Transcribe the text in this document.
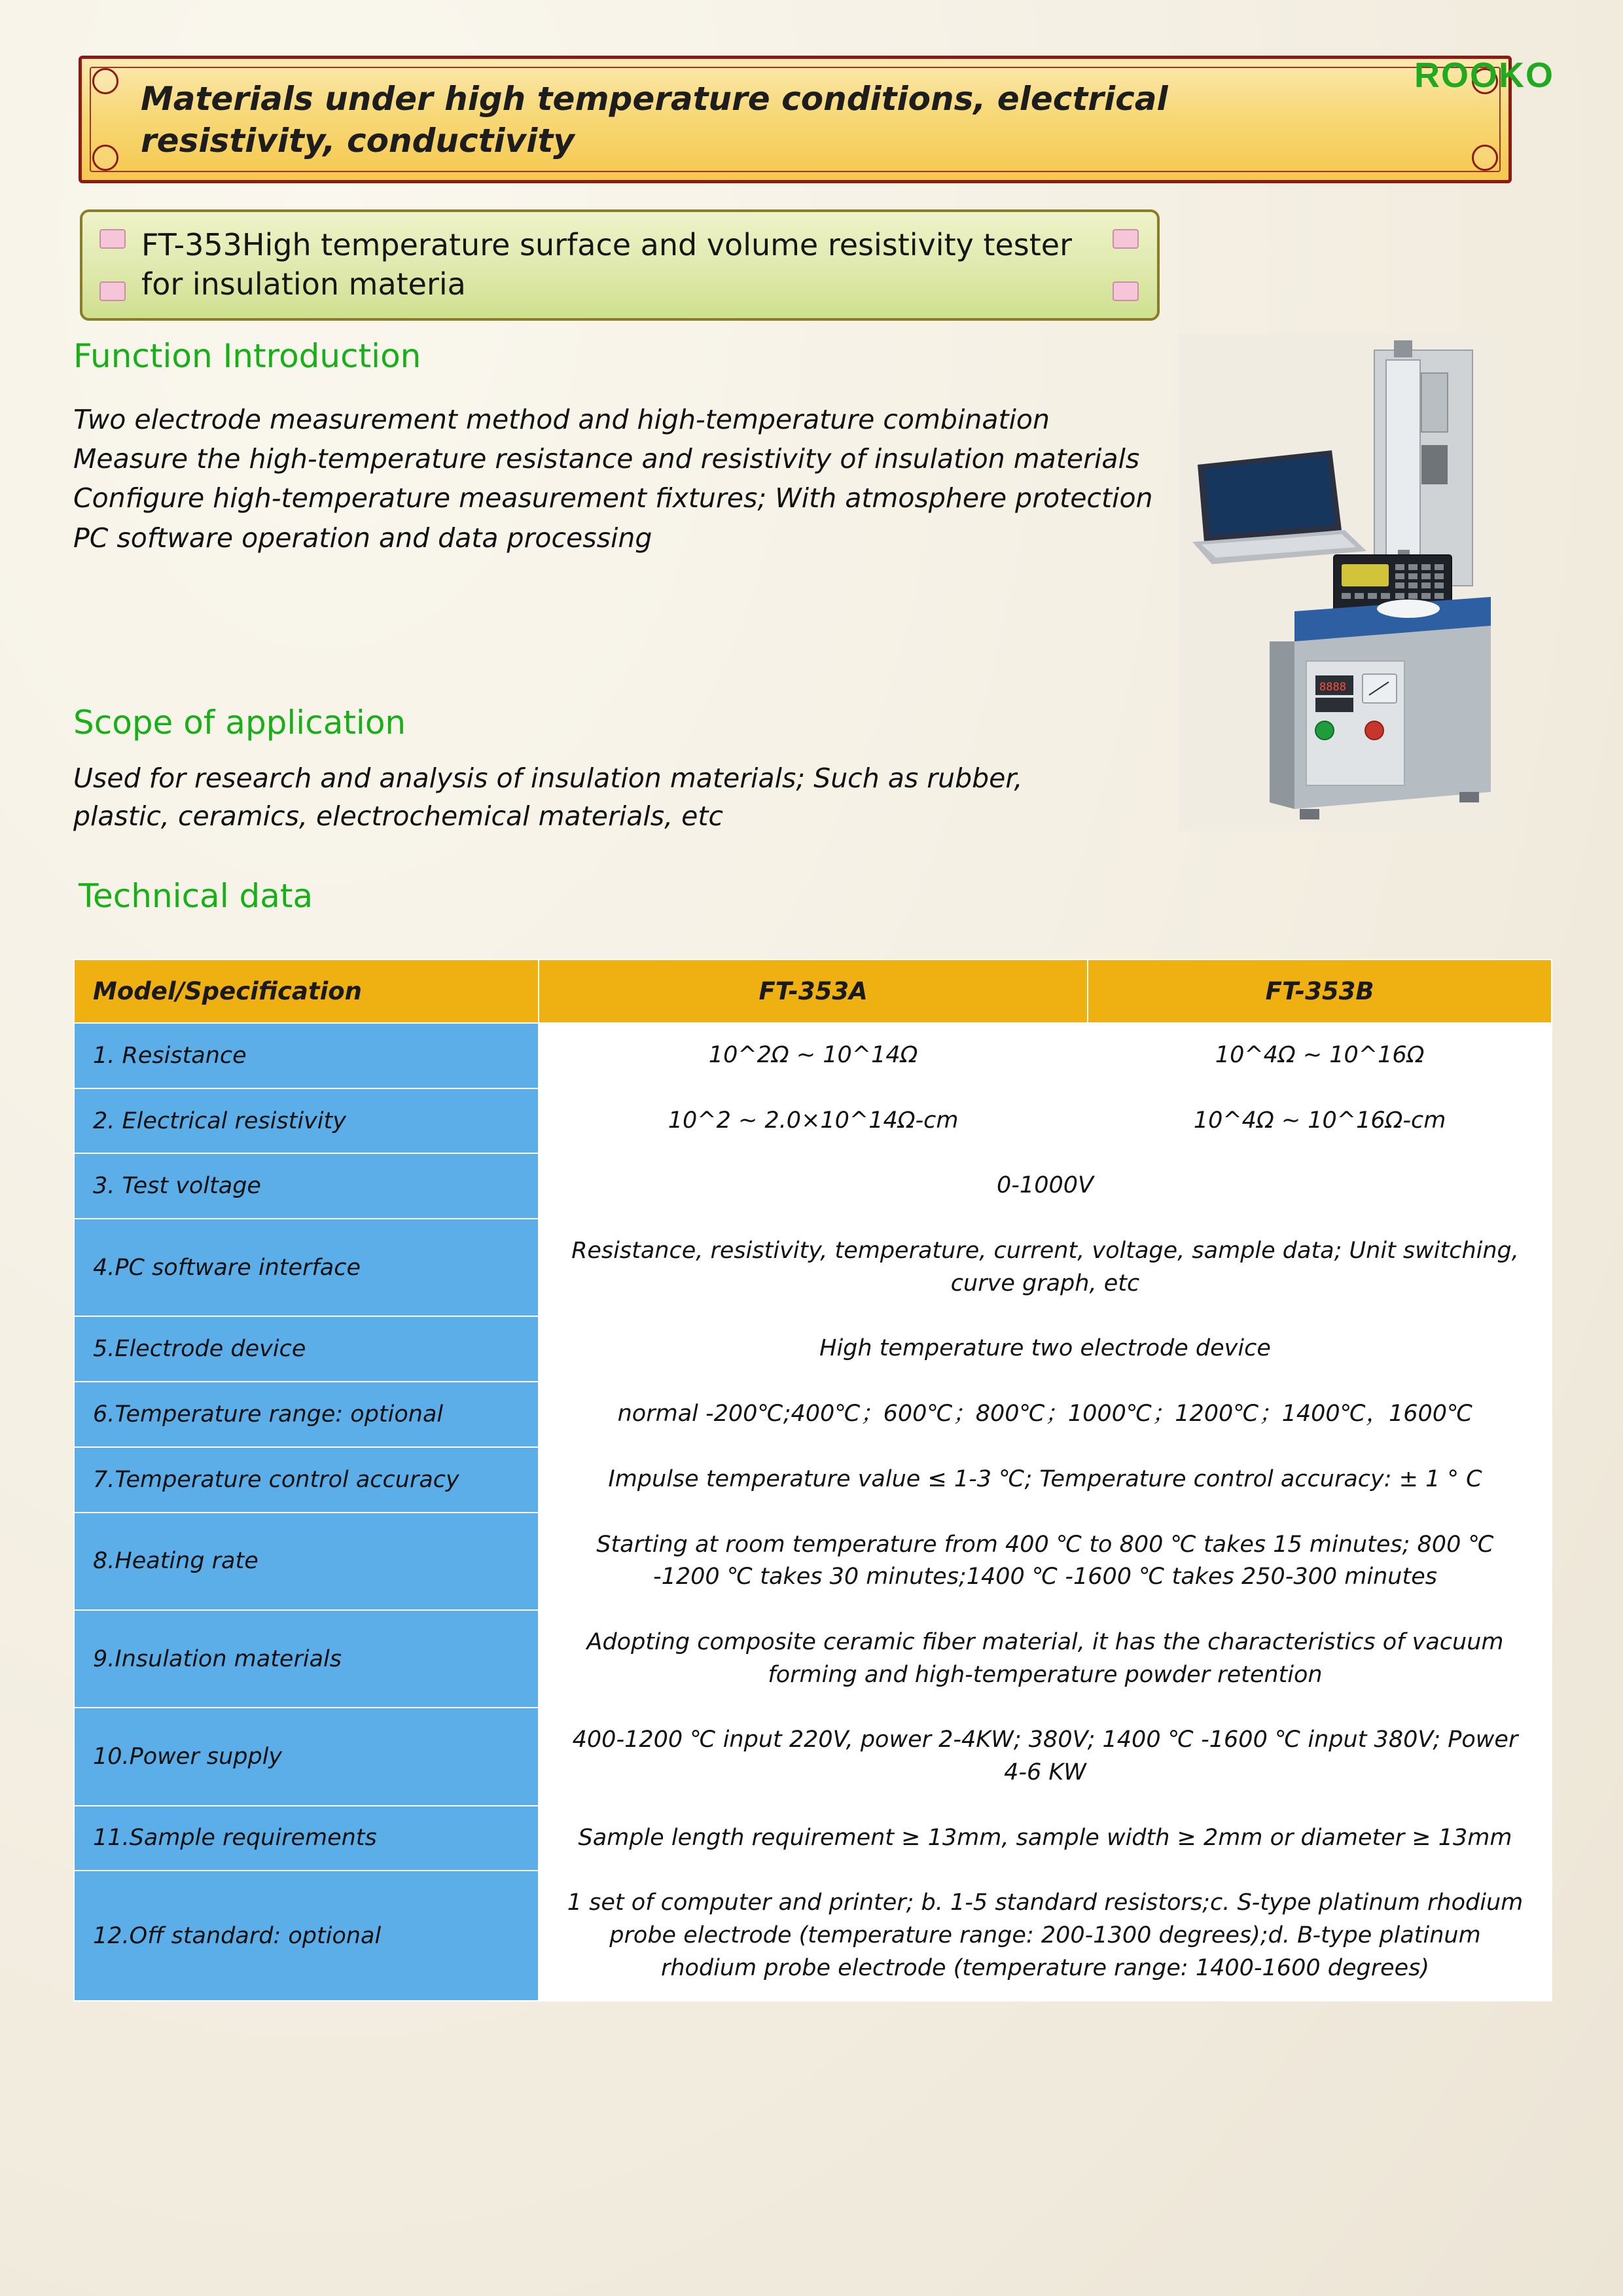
Materials under high temperature conditions, electrical resistivity, conductivity
ROOKO
FT-353High temperature surface and volume resistivity tester for insulation materia
Function Introduction

Two electrode measurement method and high-temperature combination

Measure the high-temperature resistance and resistivity of insulation materials

Configure high-temperature measurement fixtures; With atmosphere protection

PC software operation and data processing

Scope of application

Used for research and analysis of insulation materials; Such as rubber, plastic, ceramics, electrochemical materials, etc

8888
Technical data
Model/Specification	FT-353A	FT-353B
1. Resistance	10^2Ω ~ 10^14Ω	10^4Ω ~ 10^16Ω
2. Electrical resistivity	10^2 ~ 2.0×10^14Ω-cm	10^4Ω ~ 10^16Ω-cm
3. Test voltage	0-1000V	
4.PC software interface	Resistance, resistivity, temperature, current, voltage, sample data; Unit switching, curve graph, etc	
5.Electrode device	High temperature two electrode device	
6.Temperature range: optional	normal -200℃;400℃；600℃；800℃；1000℃；1200℃；1400℃，1600℃	
7.Temperature control accuracy	Impulse temperature value ≤ 1-3 ℃; Temperature control accuracy: ± 1 ° C	
8.Heating rate	Starting at room temperature from 400 ℃ to 800 ℃ takes 15 minutes; 800 ℃ -1200 ℃ takes 30 minutes;1400 ℃ -1600 ℃ takes 250-300 minutes	
9.Insulation materials	Adopting composite ceramic fiber material, it has the characteristics of vacuum forming and high-temperature powder retention	
10.Power supply	400-1200 ℃ input 220V, power 2-4KW; 380V; 1400 ℃ -1600 ℃ input 380V; Power 4-6 KW	
11.Sample requirements	Sample length requirement ≥ 13mm, sample width ≥ 2mm or diameter ≥ 13mm	
12.Off standard: optional	1 set of computer and printer; b. 1-5 standard resistors;c. S-type platinum rhodium probe electrode (temperature range: 200-1300 degrees);d. B-type platinum rhodium probe electrode (temperature range: 1400-1600 degrees)	
